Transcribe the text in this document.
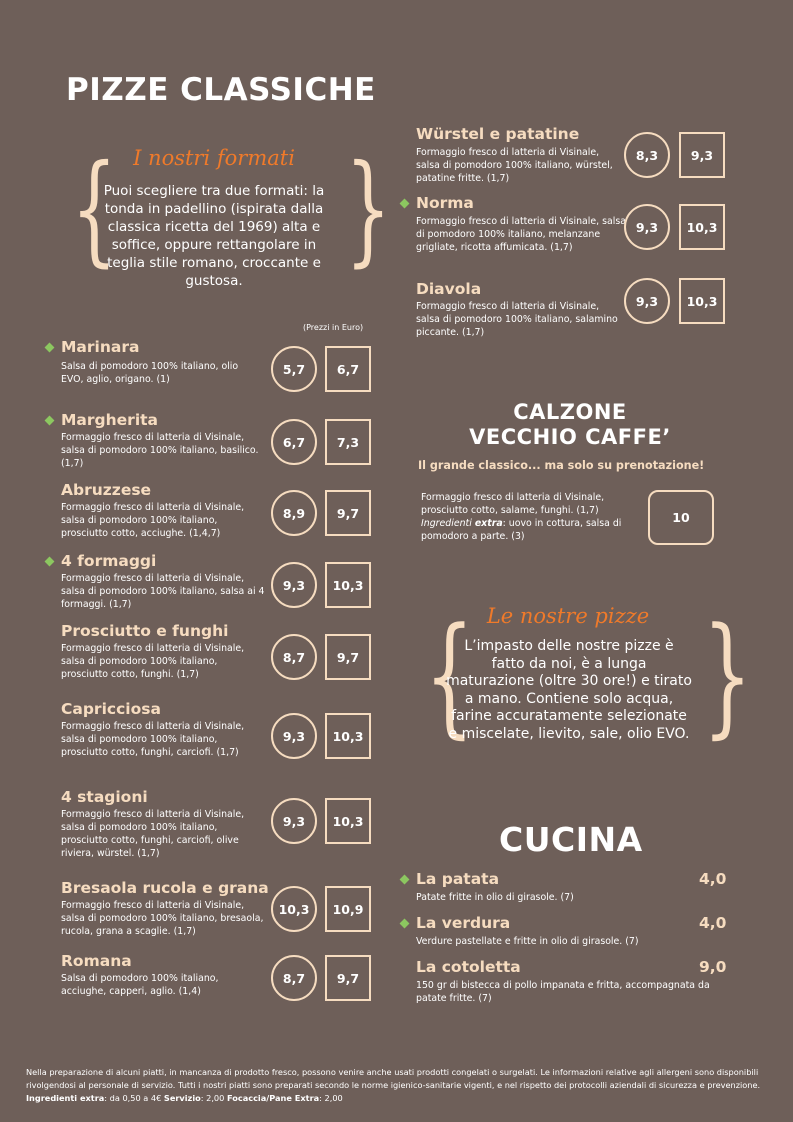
PIZZE CLASSICHE
{ }
I nostri formati
Puoi scegliere tra due formati: la tonda in padellino (ispirata dalla classica ricetta del 1969) alta e soffice, oppure rettangolare in teglia stile romano, croccante e gustosa.
(Prezzi in Euro)
Marinara
Salsa di pomodoro 100% italiano, olio EVO, aglio, origano. (1)
5,7	6,7
Margherita
Formaggio fresco di latteria di Visinale, salsa di pomodoro 100% italiano, basilico. (1,7)
6,7	7,3
Abruzzese
Formaggio fresco di latteria di Visinale, salsa di pomodoro 100% italiano, prosciutto cotto, acciughe. (1,4,7)
8,9	9,7
4 formaggi
Formaggio fresco di latteria di Visinale, salsa di pomodoro 100% italiano, salsa ai 4 formaggi. (1,7)
9,3	10,3
Prosciutto e funghi
Formaggio fresco di latteria di Visinale, salsa di pomodoro 100% italiano, prosciutto cotto, funghi. (1,7)
8,7	9,7
Capricciosa
Formaggio fresco di latteria di Visinale, salsa di pomodoro 100% italiano, prosciutto cotto, funghi, carciofi. (1,7)
9,3	10,3
4 stagioni
Formaggio fresco di latteria di Visinale, salsa di pomodoro 100% italiano, prosciutto cotto, funghi, carciofi, olive riviera, würstel. (1,7)
9,3	10,3
Bresaola rucola e grana
Formaggio fresco di latteria di Visinale, salsa di pomodoro 100% italiano, bresaola, rucola, grana a scaglie. (1,7)
10,3	10,9
Romana
Salsa di pomodoro 100% italiano, acciughe, capperi, aglio. (1,4)
8,7	9,7
Würstel e patatine
Formaggio fresco di latteria di Visinale, salsa di pomodoro 100% italiano, würstel, patatine fritte. (1,7)
8,3	9,3
Norma
Formaggio fresco di latteria di Visinale, salsa di pomodoro 100% italiano, melanzane grigliate, ricotta affumicata. (1,7)
9,3	10,3
Diavola
Formaggio fresco di latteria di Visinale, salsa di pomodoro 100% italiano, salamino piccante. (1,7)
9,3	10,3
CALZONE
VECCHIO CAFFE’
Il grande classico... ma solo su prenotazione!
Formaggio fresco di latteria di Visinale, prosciutto cotto, salame, funghi. (1,7) Ingredienti extra: uovo in cottura, salsa di pomodoro a parte. (3)
10
{ }
Le nostre pizze
L’impasto delle nostre pizze è fatto da noi, è a lunga maturazione (oltre 30 ore!) e tirato a mano. Contiene solo acqua, farine accuratamente selezionate e miscelate, lievito, sale, olio EVO.
CUCINA
La patata	4,0
Patate fritte in olio di girasole. (7)
La verdura	4,0
Verdure pastellate e fritte in olio di girasole. (7)
La cotoletta	9,0
150 gr di bistecca di pollo impanata e fritta, accompagnata da patate fritte. (7)
Nella preparazione di alcuni piatti, in mancanza di prodotto fresco, possono venire anche usati prodotti congelati o surgelati. Le informazioni relative agli allergeni sono disponibili rivolgendosi al personale di servizio. Tutti i nostri piatti sono preparati secondo le norme igienico-sanitarie vigenti, e nel rispetto dei protocolli aziendali di sicurezza e prevenzione. Ingredienti extra: da 0,50 a 4€ Servizio: 2,00 Focaccia/Pane Extra: 2,00
